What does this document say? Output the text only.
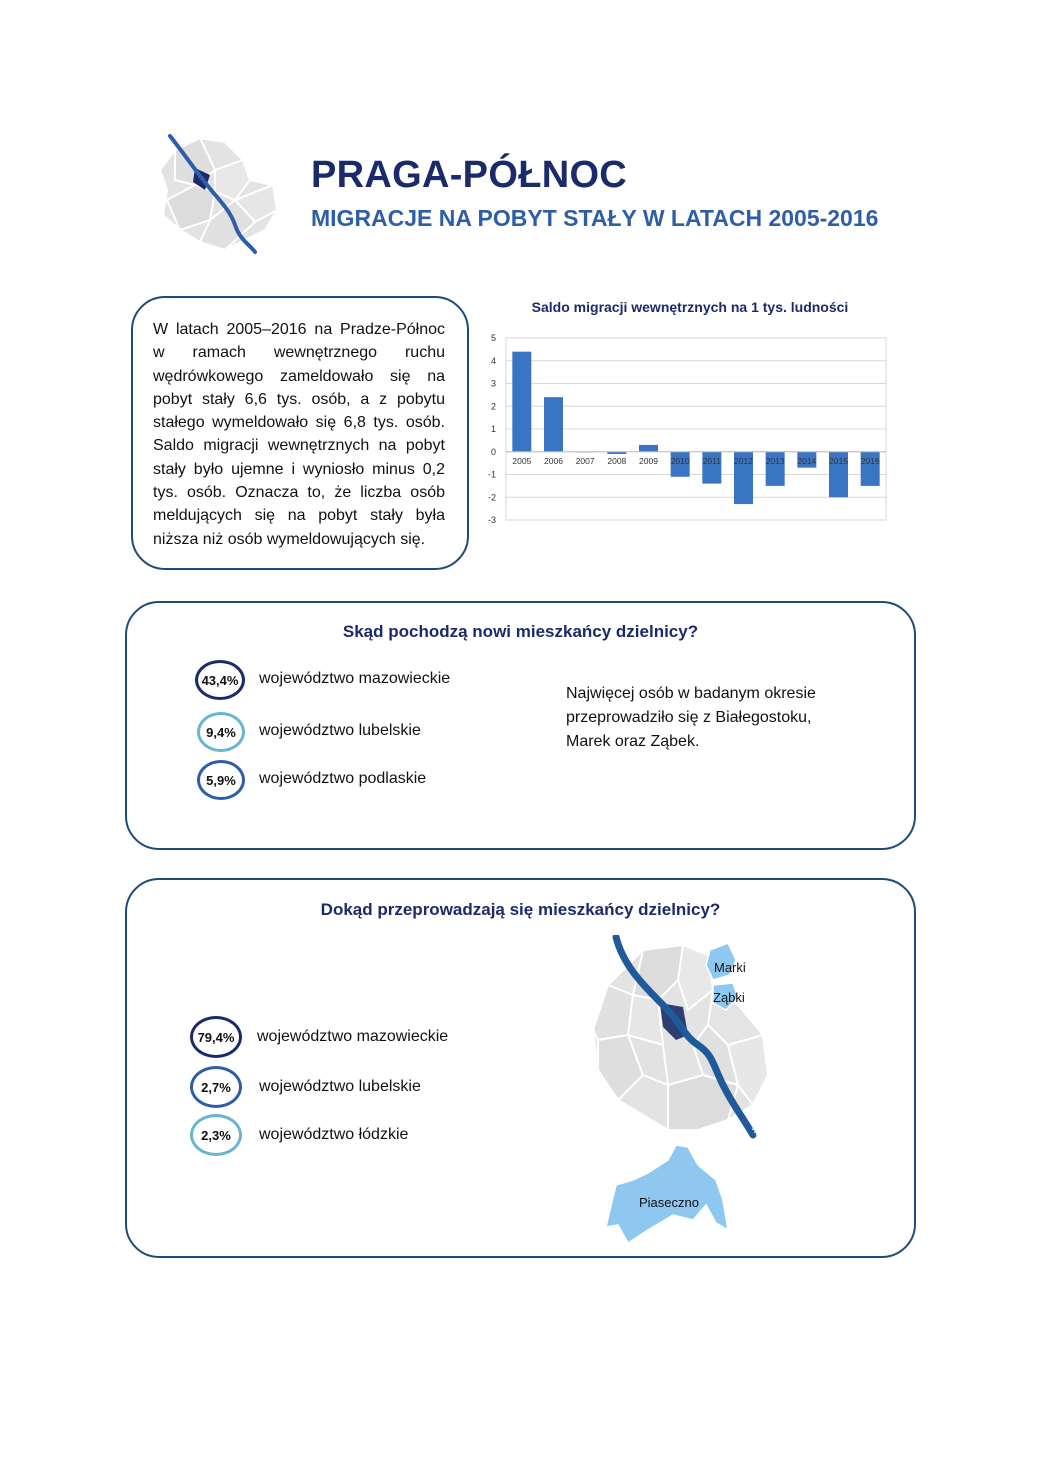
PRAGA-PÓŁNOC
MIGRACJE NA POBYT STAŁY W LATACH 2005-2016
W latach 2005–2016 na Pradze-Północ w ramach wewnętrznego ruchu wędrówkowego zameldowało się na pobyt stały 6,6 tys. osób, a z pobytu stałego wymeldowało się 6,8 tys. osób. Saldo migracji wewnętrznych na pobyt stały było ujemne i wyniosło minus 0,2 tys. osób. Oznacza to, że liczba osób meldujących się na pobyt stały była niższa niż osób wymeldowujących się.
Saldo migracji wewnętrznych na 1 tys. ludności
-3
-2
-1
0
1
2
3
4
5
2005 2006 2007 2008 2009 2010 2011 2012 2013 2014 2015 2016
Skąd pochodzą nowi mieszkańcy dzielnicy?
43,4%	województwo mazowieckie
9,4%	województwo lubelskie
5,9%	województwo podlaskie
Najwięcej osób w badanym okresie przeprowadziło się z Białegostoku, Marek oraz Ząbek.
Dokąd przeprowadzają się mieszkańcy dzielnicy?
79,4%	województwo mazowieckie
2,7%	województwo lubelskie
2,3%	województwo łódzkie
Marki
Ząbki
Piaseczno
Wisła
